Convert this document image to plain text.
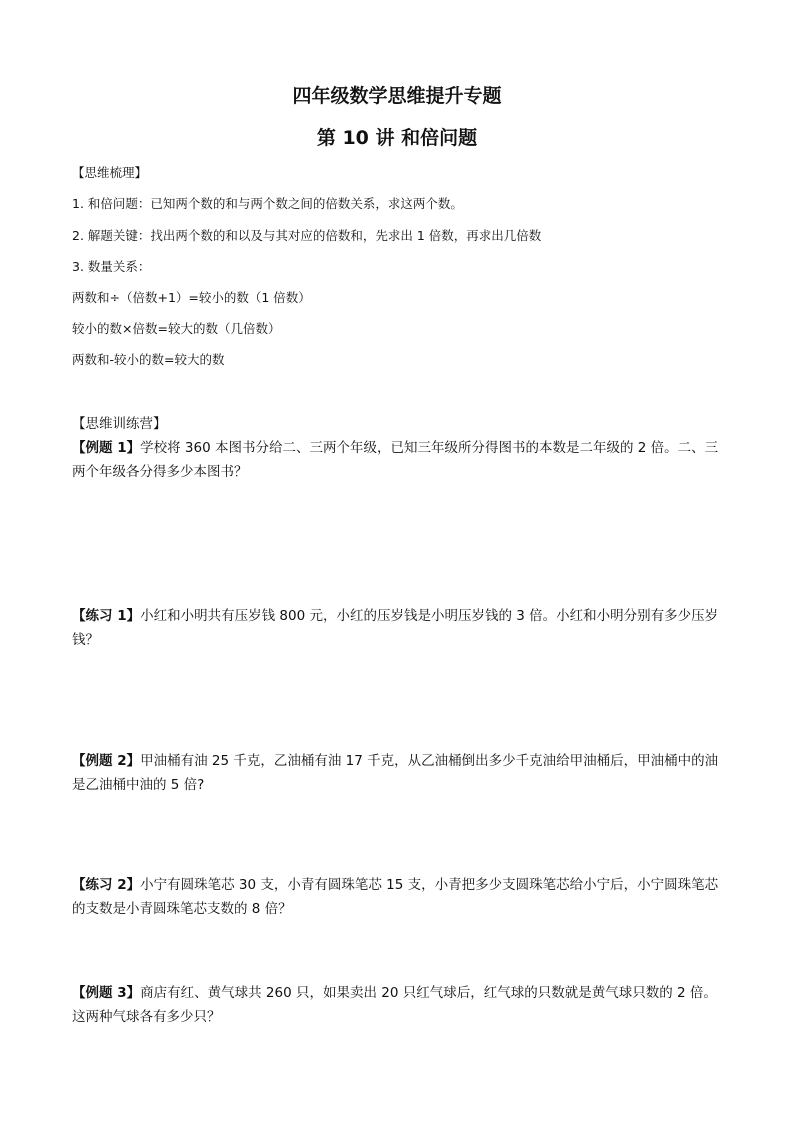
四年级数学思维提升专题
第 10 讲 和倍问题

【思维梳理】

1. 和倍问题：已知两个数的和与两个数之间的倍数关系，求这两个数。

2. 解题关键：找出两个数的和以及与其对应的倍数和，先求出 1 倍数，再求出几倍数

3. 数量关系：

两数和÷（倍数+1）=较小的数（1 倍数）

较小的数×倍数=较大的数（几倍数）

两数和-较小的数=较大的数

【思维训练营】

【例题 1】学校将 360 本图书分给二、三两个年级，已知三年级所分得图书的本数是二年级的 2 倍。二、三两个年级各分得多少本图书？

【练习 1】小红和小明共有压岁钱 800 元，小红的压岁钱是小明压岁钱的 3 倍。小红和小明分别有多少压岁钱？

【例题 2】甲油桶有油 25 千克，乙油桶有油 17 千克，从乙油桶倒出多少千克油给甲油桶后，甲油桶中的油是乙油桶中油的 5 倍?

【练习 2】小宁有圆珠笔芯 30 支，小青有圆珠笔芯 15 支，小青把多少支圆珠笔芯给小宁后，小宁圆珠笔芯的支数是小青圆珠笔芯支数的 8 倍？

【例题 3】商店有红、黄气球共 260 只，如果卖出 20 只红气球后，红气球的只数就是黄气球只数的 2 倍。这两种气球各有多少只？
